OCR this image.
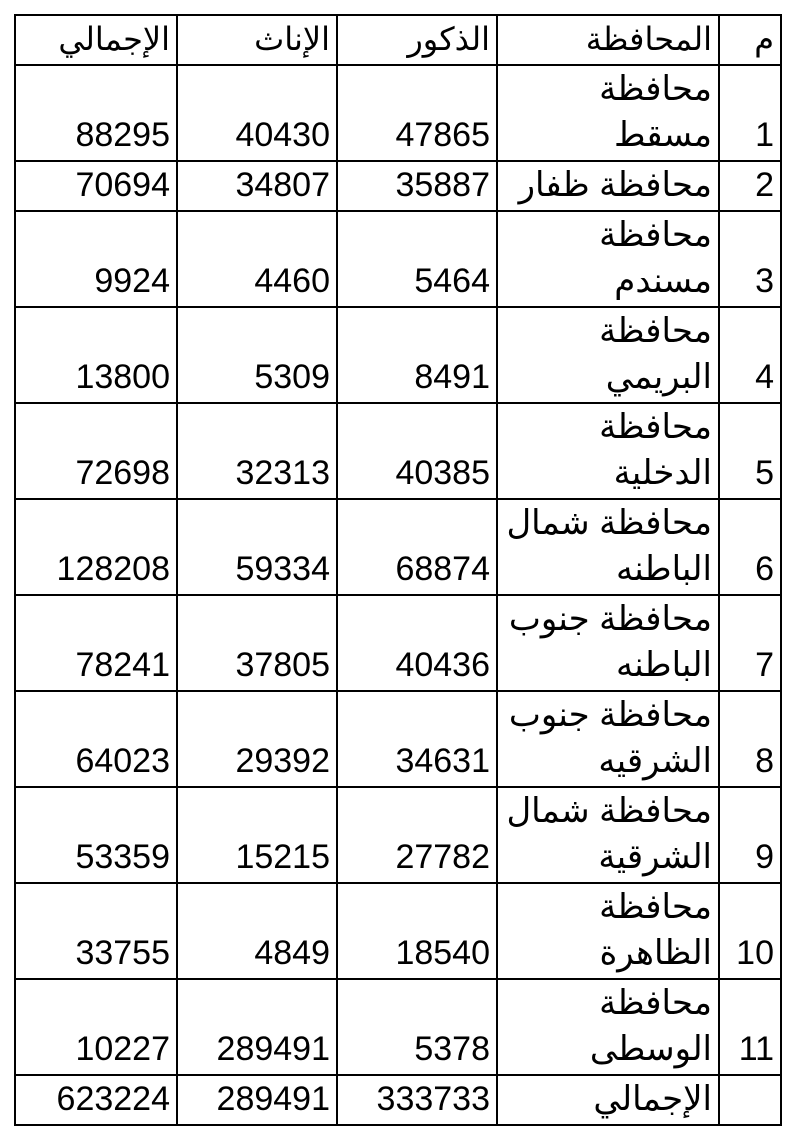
م	المحافظة	الذكور	الإناث	الإجمالي
1	محافظة مسقط	47865	40430	88295
2	محافظة ظفار	35887	34807	70694
3	محافظة مسندم	5464	4460	9924
4	محافظة البريمي	8491	5309	13800
5	محافظة الدخلية	40385	32313	72698
6	محافظة شمال الباطنه	68874	59334	128208
7	محافظة جنوب الباطنه	40436	37805	78241
8	محافظة جنوب الشرقيه	34631	29392	64023
9	محافظة شمال الشرقية	27782	15215	53359
10	محافظة الظاهرة	18540	4849	33755
11	محافظة الوسطى	5378	289491	10227
	الإجمالي	333733	289491	623224
